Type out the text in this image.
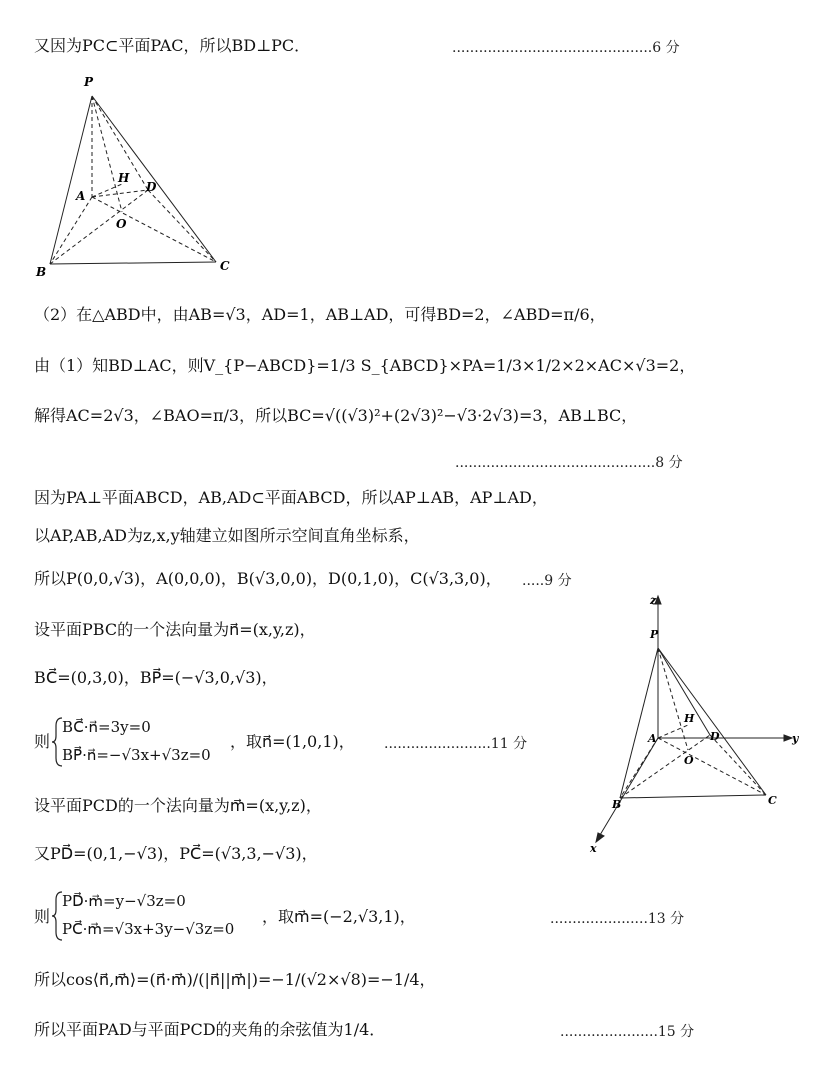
又因为PC⊂平面PAC，所以BD⊥PC．	.............................................6 分
P
A
H
D
O
B	C
（2）在△ABD中，由AB=√3，AD=1，AB⊥AD，可得BD=2，∠ABD=π/6，
由（1）知BD⊥AC，则V_{P−ABCD}=1/3 S_{ABCD}×PA=1/3×1/2×2×AC×√3=2，
解得AC=2√3，∠BAO=π/3，所以BC=√((√3)²+(2√3)²−√3·2√3)=3，AB⊥BC，
.............................................8 分
因为PA⊥平面ABCD，AB,AD⊂平面ABCD，所以AP⊥AB，AP⊥AD，
以AP,AB,AD为z,x,y轴建立如图所示空间直角坐标系，
所以P(0,0,√3)，A(0,0,0)，B(√3,0,0)，D(0,1,0)，C(√3,3,0)， .....9 分
设平面PBC的一个法向量为n⃗=(x,y,z)，
BC⃗=(0,3,0)，BP⃗=(−√3,0,√3)，
则
BC⃗·n⃗=3y=0
BP⃗·n⃗=−√3x+√3z=0
，取n⃗=(1,0,1)， ........................11 分
设平面PCD的一个法向量为m⃗=(x,y,z)，
又PD⃗=(0,1,−√3)，PC⃗=(√3,3,−√3)，
则
PD⃗·m⃗=y−√3z=0
PC⃗·m⃗=√3x+3y−√3z=0
，取m⃗=(−2,√3,1)，	......................13 分
所以cos⟨n⃗,m⃗⟩=(n⃗·m⃗)/(|n⃗||m⃗|)=−1/(√2×√8)=−1/4，
所以平面PAD与平面PCD的夹角的余弦值为1/4．	......................15 分
z
P
H
A	D	y
O
B	C
x
